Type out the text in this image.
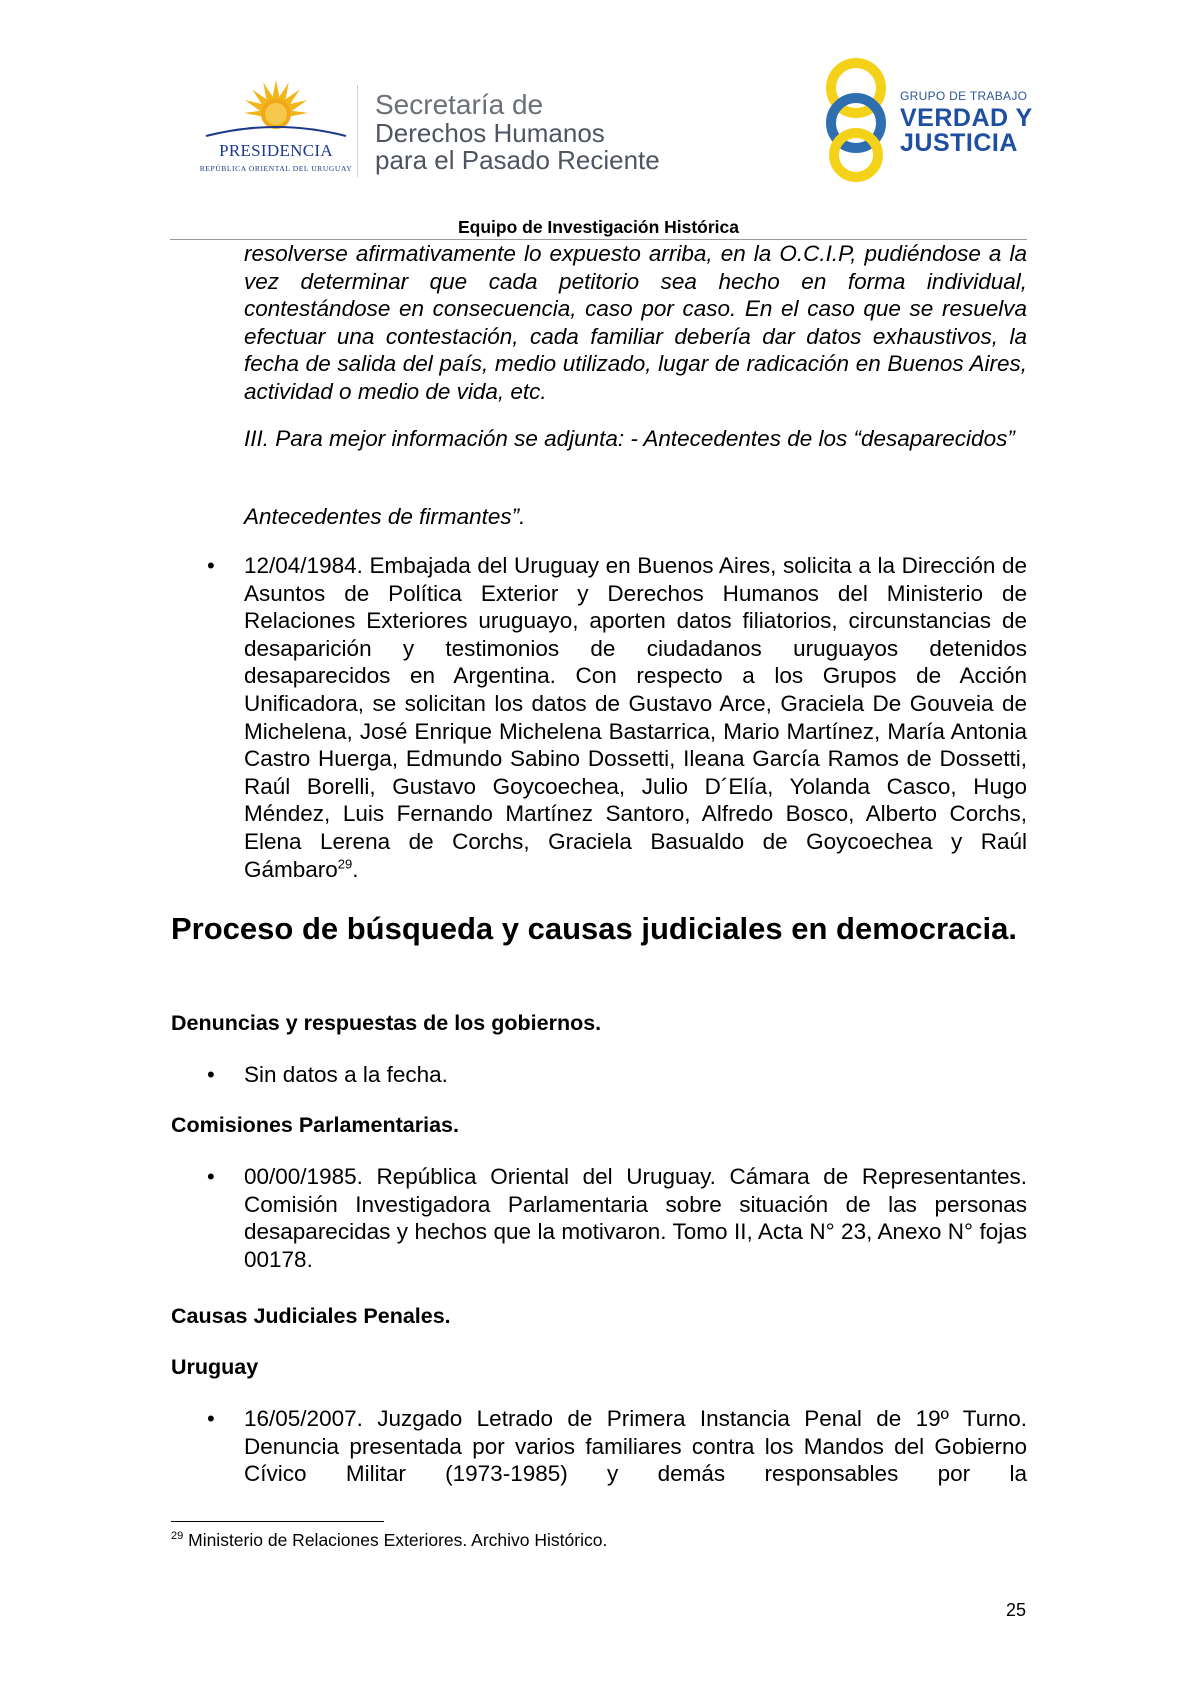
PRESIDENCIA
REPÚBLICA ORIENTAL DEL URUGUAY
Secretaría de
Derechos Humanos
para el Pasado Reciente
GRUPO DE TRABAJO
VERDAD Y
JUSTICIA
Equipo de Investigación Histórica
resolverse afirmativamente lo expuesto arriba, en la O.C.I.P, pudiéndose a la vez determinar que cada petitorio sea hecho en forma individual, contestándose en consecuencia, caso por caso. En el caso que se resuelva efectuar una contestación, cada familiar debería dar datos exhaustivos, la fecha de salida del país, medio utilizado, lugar de radicación en Buenos Aires, actividad o medio de vida, etc.
III. Para mejor información se adjunta: - Antecedentes de los “desaparecidos”
Antecedentes de firmantes”.
• 12/04/1984. Embajada del Uruguay en Buenos Aires, solicita a la Dirección de Asuntos de Política Exterior y Derechos Humanos del Ministerio de Relaciones Exteriores uruguayo, aporten datos filiatorios, circunstancias de desaparición y testimonios de ciudadanos uruguayos detenidos desaparecidos en Argentina. Con respecto a los Grupos de Acción Unificadora, se solicitan los datos de Gustavo Arce, Graciela De Gouveia de Michelena, José Enrique Michelena Bastarrica, Mario Martínez, María Antonia Castro Huerga, Edmundo Sabino Dossetti, Ileana García Ramos de Dossetti, Raúl Borelli, Gustavo Goycoechea, Julio D´Elía, Yolanda Casco, Hugo Méndez, Luis Fernando Martínez Santoro, Alfredo Bosco, Alberto Corchs, Elena Lerena de Corchs, Graciela Basualdo de Goycoechea y Raúl Gámbaro$^{29}$.
Proceso de búsqueda y causas judiciales en democracia.
Denuncias y respuestas de los gobiernos.
• Sin datos a la fecha.
Comisiones Parlamentarias.
• 00/00/1985. República Oriental del Uruguay. Cámara de Representantes. Comisión Investigadora Parlamentaria sobre situación de las personas desaparecidas y hechos que la motivaron. Tomo II, Acta N° 23, Anexo N° fojas 00178.
Causas Judiciales Penales.
Uruguay
• 16/05/2007. Juzgado Letrado de Primera Instancia Penal de 19º Turno. Denuncia presentada por varios familiares contra los Mandos del Gobierno Cívico Militar (1973-1985) y demás responsables por la
$^{29}$ Ministerio de Relaciones Exteriores. Archivo Histórico.
25
